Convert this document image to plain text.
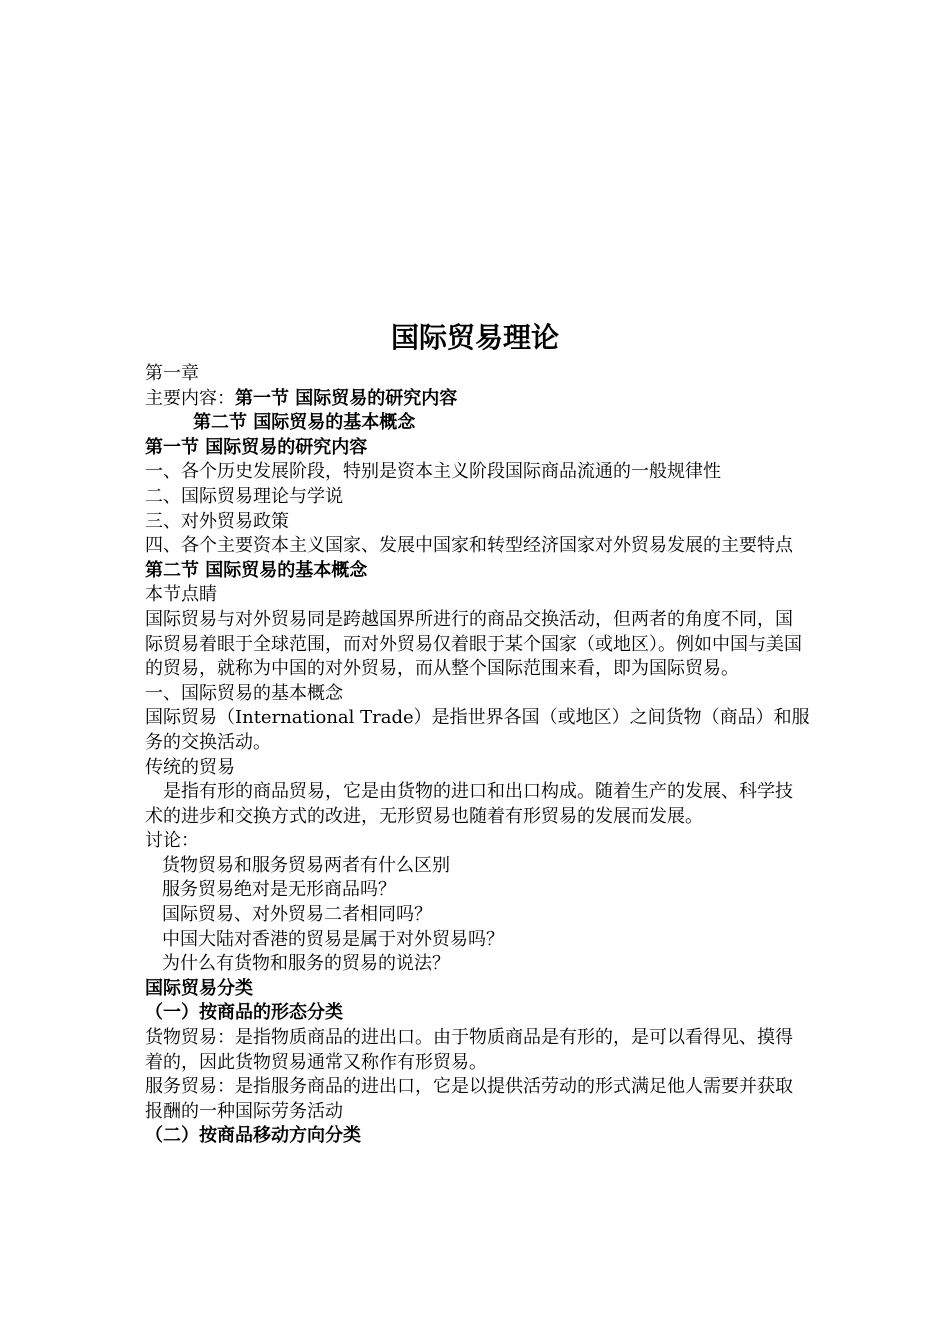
国际贸易理论

第一章

主要内容：第一节 国际贸易的研究内容

第二节 国际贸易的基本概念

第一节 国际贸易的研究内容

一、各个历史发展阶段，特别是资本主义阶段国际商品流通的一般规律性

二、国际贸易理论与学说

三、对外贸易政策

四、各个主要资本主义国家、发展中国家和转型经济国家对外贸易发展的主要特点

第二节 国际贸易的基本概念

本节点睛

国际贸易与对外贸易同是跨越国界所进行的商品交换活动，但两者的角度不同，国际贸易着眼于全球范围，而对外贸易仅着眼于某个国家（或地区）。例如中国与美国的贸易，就称为中国的对外贸易，而从整个国际范围来看，即为国际贸易。

一、国际贸易的基本概念

国际贸易（International Trade）是指世界各国（或地区）之间货物（商品）和服务的交换活动。

传统的贸易

是指有形的商品贸易，它是由货物的进口和出口构成。随着生产的发展、科学技术的进步和交换方式的改进，无形贸易也随着有形贸易的发展而发展。

讨论：

货物贸易和服务贸易两者有什么区别

服务贸易绝对是无形商品吗？

国际贸易、对外贸易二者相同吗？

中国大陆对香港的贸易是属于对外贸易吗？

为什么有货物和服务的贸易的说法？

国际贸易分类

（一）按商品的形态分类

货物贸易：是指物质商品的进出口。由于物质商品是有形的，是可以看得见、摸得着的，因此货物贸易通常又称作有形贸易。

服务贸易：是指服务商品的进出口，它是以提供活劳动的形式满足他人需要并获取报酬的一种国际劳务活动

（二）按商品移动方向分类
